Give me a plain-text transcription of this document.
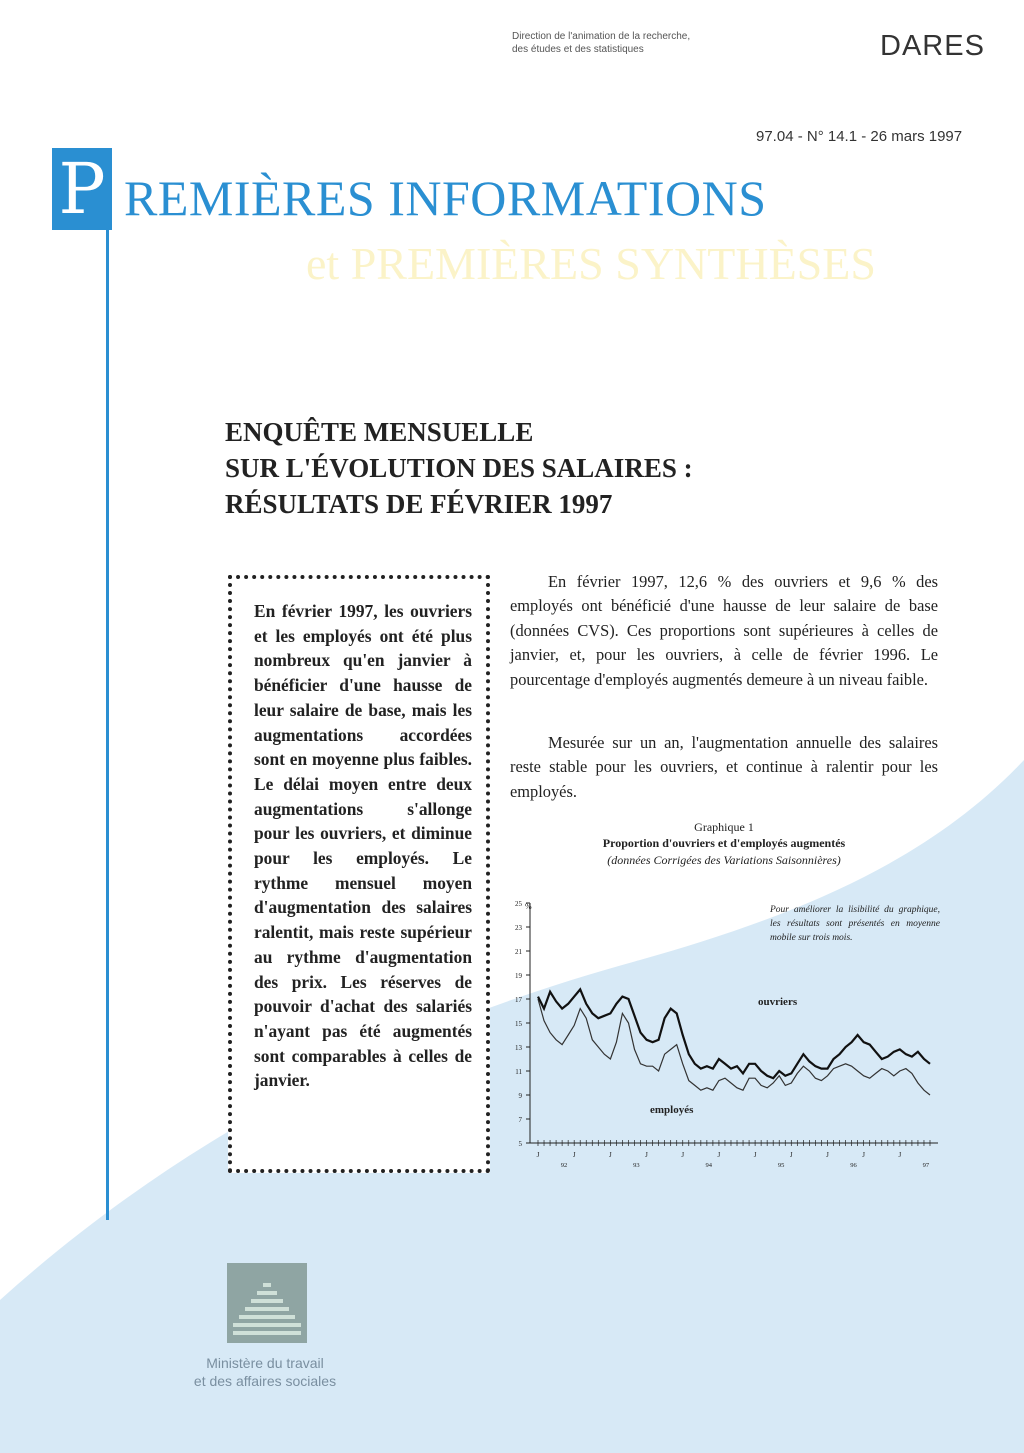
Direction de l'animation de la recherche,
des études et des statistiques	DARES
97.04 - N° 14.1 - 26 mars 1997
P REMIÈRES INFORMATIONS
et PREMIÈRES SYNTHÈSES
ENQUÊTE MENSUELLE
SUR L'ÉVOLUTION DES SALAIRES :
RÉSULTATS DE FÉVRIER 1997

En février 1997, les ouvriers et les employés ont été plus nombreux qu'en janvier à bénéficier d'une hausse de leur salaire de base, mais les augmentations accordées sont en moyenne plus faibles. Le délai moyen entre deux augmentations s'allonge pour les ouvriers, et diminue pour les employés. Le rythme mensuel moyen d'augmentation des salaires ralentit, mais reste supérieur au rythme d'augmentation des prix. Les réserves de pouvoir d'achat des salariés n'ayant pas été augmentés sont comparables à celles de janvier.

En février 1997, 12,6 % des ouvriers et 9,6 % des employés ont bénéficié d'une hausse de leur salaire de base (données CVS). Ces proportions sont supérieures à celles de janvier, et, pour les ouvriers, à celle de février 1996. Le pourcentage d'employés augmentés demeure à un niveau faible.

Mesurée sur un an, l'augmentation annuelle des salaires reste stable pour les ouvriers, et continue à ralentir pour les employés.

Graphique 1
Proportion d'ouvriers et d'employés augmentés
(données Corrigées des Variations Saisonnières)
%
5
7
9
11
13
15
17
19
21
23
25
J
92
J	J
93
J	J
94
J	J
95
J	J
96
J	J
97
ouvriers
employés
Pour améliorer la lisibilité du graphique, les résultats sont présentés en moyenne mobile sur trois mois.
Ministère du travail
et des affaires sociales
